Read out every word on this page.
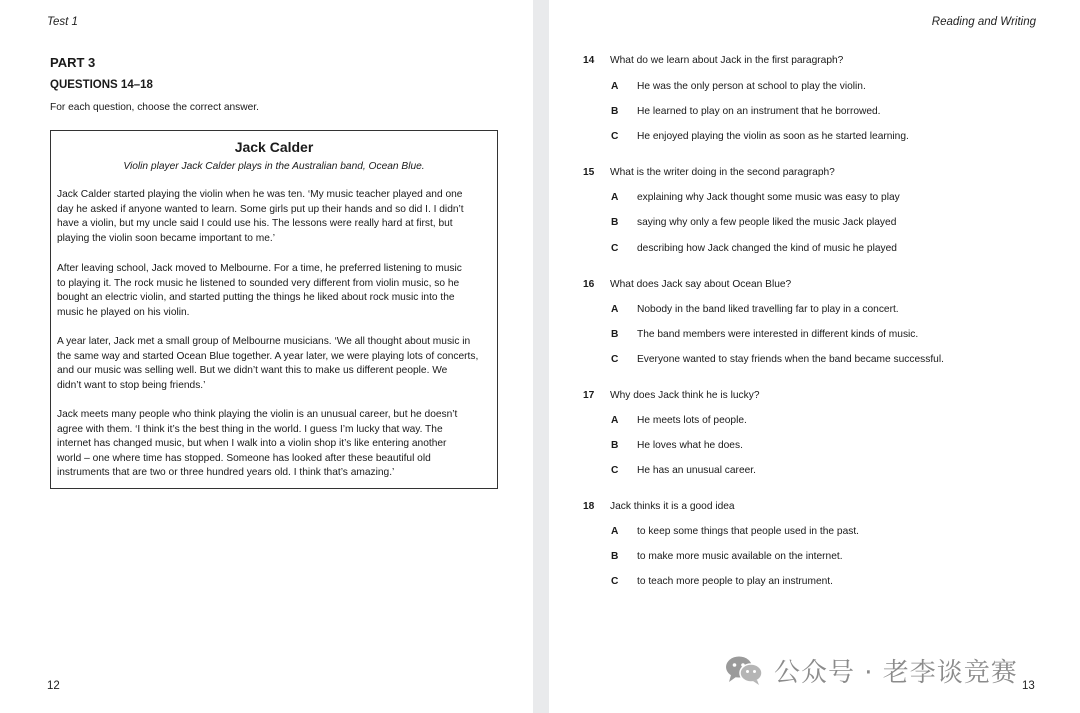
Test 1
PART 3
QUESTIONS 14–18
For each question, choose the correct answer.
Jack Calder
Violin player Jack Calder plays in the Australian band, Ocean Blue.
Jack Calder started playing the violin when he was ten. ‘My music teacher played and one
day he asked if anyone wanted to learn. Some girls put up their hands and so did I. I didn’t
have a violin, but my uncle said I could use his. The lessons were really hard at first, but
playing the violin soon became important to me.’
After leaving school, Jack moved to Melbourne. For a time, he preferred listening to music
to playing it. The rock music he listened to sounded very different from violin music, so he
bought an electric violin, and started putting the things he liked about rock music into the
music he played on his violin.
A year later, Jack met a small group of Melbourne musicians. ‘We all thought about music in
the same way and started Ocean Blue together. A year later, we were playing lots of concerts,
and our music was selling well. But we didn’t want this to make us different people. We
didn’t want to stop being friends.’
Jack meets many people who think playing the violin is an unusual career, but he doesn’t
agree with them. ‘I think it’s the best thing in the world. I guess I’m lucky that way. The
internet has changed music, but when I walk into a violin shop it’s like entering another
world – one where time has stopped. Someone has looked after these beautiful old
instruments that are two or three hundred years old. I think that’s amazing.’
12
Reading and Writing
14 What do we learn about Jack in the first paragraph?
A He was the only person at school to play the violin.
B He learned to play on an instrument that he borrowed.
C He enjoyed playing the violin as soon as he started learning.
15 What is the writer doing in the second paragraph?
A explaining why Jack thought some music was easy to play
B saying why only a few people liked the music Jack played
C describing how Jack changed the kind of music he played
16 What does Jack say about Ocean Blue?
A Nobody in the band liked travelling far to play in a concert.
B The band members were interested in different kinds of music.
C Everyone wanted to stay friends when the band became successful.
17 Why does Jack think he is lucky?
A He meets lots of people.
B He loves what he does.
C He has an unusual career.
18 Jack thinks it is a good idea
A to keep some things that people used in the past.
B to make more music available on the internet.
C to teach more people to play an instrument.
13
公众号 · 老李谈竞赛
